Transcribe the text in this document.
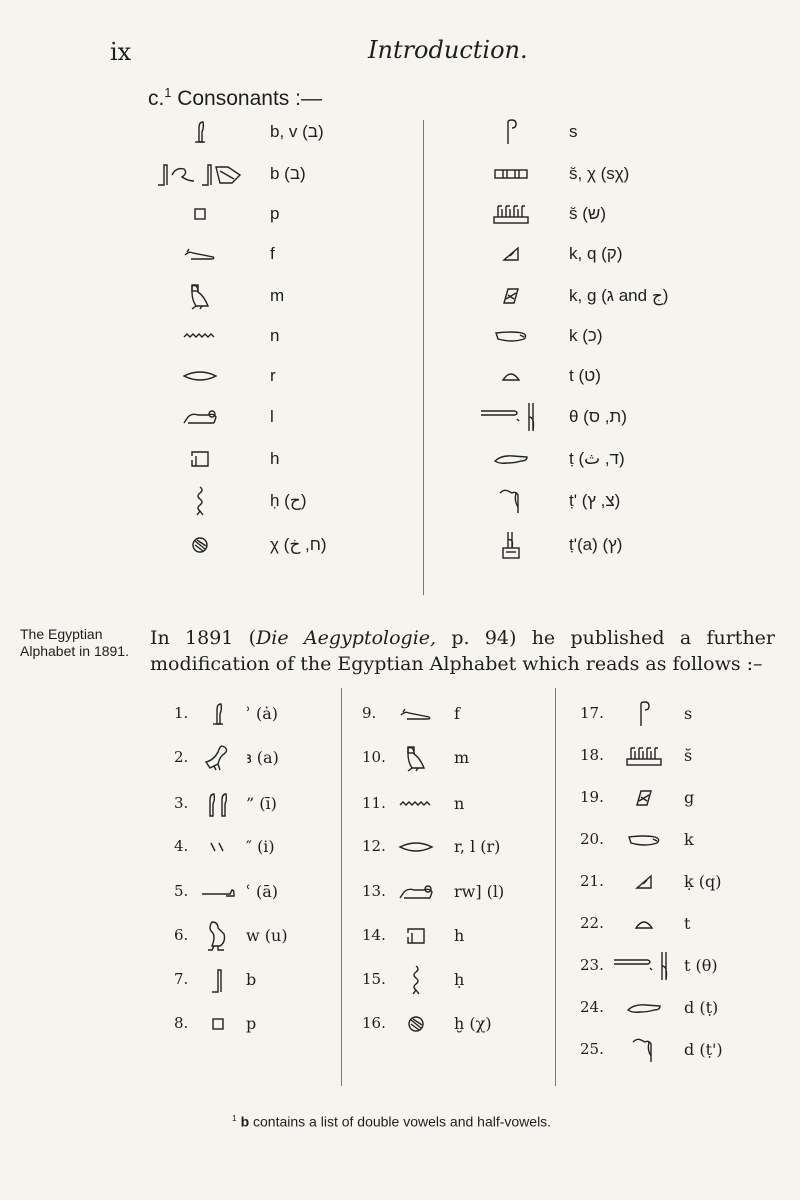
ix	Introduction.
c.$^1$ Consonants :—
b, v (ב)
b (ב)
p
f
m
n
r
l
h
ḥ (ح)
χ (ח, خ)
s
s̆, χ (sχ)
s̆ (ש)
k, q (ק)
k, g (ג and ج)
k (כ)
t (ט)
θ (ת, ס)
ṭ (ד, ث)
ṭ' (צ, ץ)
ṭ'(a) (ץ)
The Egyptian Alphabet in 1891.
In 1891 (Die Aegyptologie, p. 94) he published a further modification of the Egyptian Alphabet which reads as follows :–
1.	ʾ (ȧ)
2.	ꜣ (a)
3.	” (ī)
4.	″ (i)
5.	ʿ (ā)
6.	w (u)
7.	b
8.	p
9.	f
10.	m
11.	n
12.	r, l (r)
13.	rw] (l)
14.	h
15.	ḥ
16.	ḫ (χ)
17.	s
18.	s̆
19.	g
20.	k
21.	ḳ (q)
22.	t
23.	t (θ)
24.	d (ṭ)
25.	d (ṭ')
$^1$ b contains a list of double vowels and half-vowels.
